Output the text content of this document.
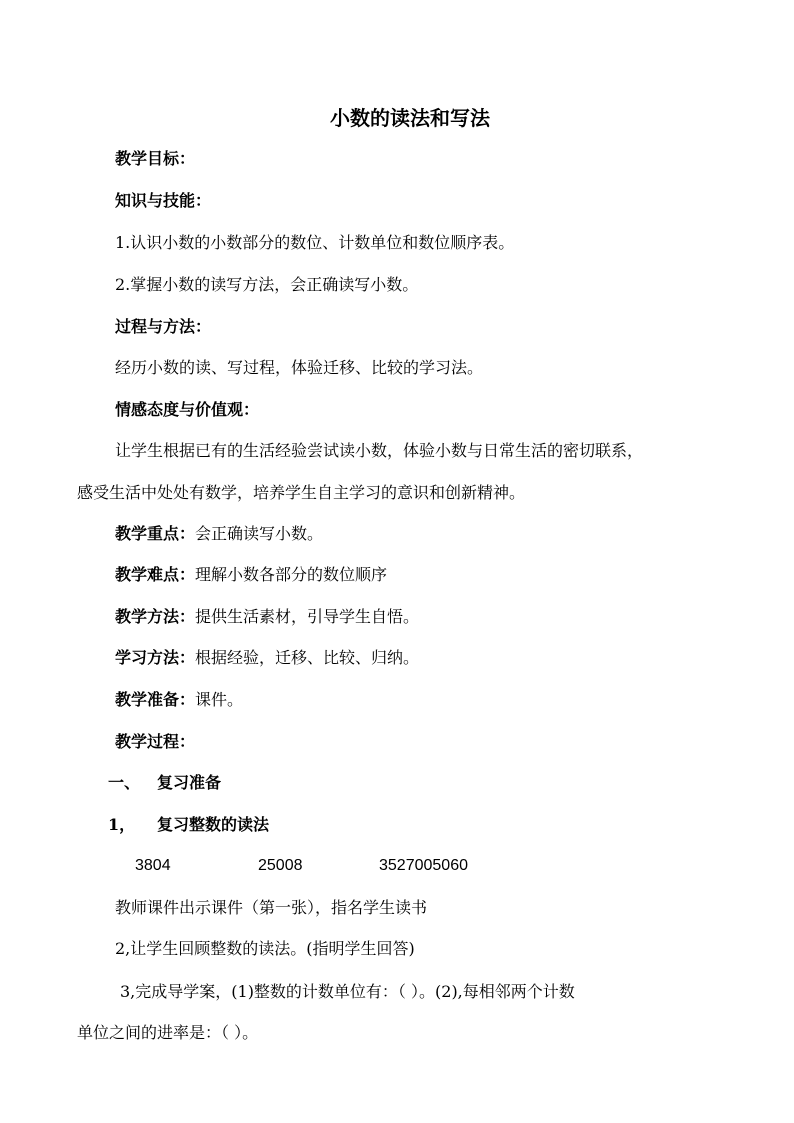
小数的读法和写法
教学目标：
知识与技能：
1.认识小数的小数部分的数位、计数单位和数位顺序表。
2.掌握小数的读写方法，会正确读写小数。
过程与方法：
经历小数的读、写过程，体验迁移、比较的学习法。
情感态度与价值观：
让学生根据已有的生活经验尝试读小数，体验小数与日常生活的密切联系，
感受生活中处处有数学，培养学生自主学习的意识和创新精神。
教学重点：会正确读写小数。
教学难点：理解小数各部分的数位顺序
教学方法：提供生活素材，引导学生自悟。
学习方法：根据经验，迁移、比较、归纳。
教学准备：课件。
教学过程：
一、 复习准备
1， 复习整数的读法
3804	25008	3527005060
教师课件出示课件（第一张），指名学生读书
2,让学生回顾整数的读法。(指明学生回答)
3,完成导学案，(1)整数的计数单位有：（ ）。(2),每相邻两个计数
单位之间的进率是：（ ）。
